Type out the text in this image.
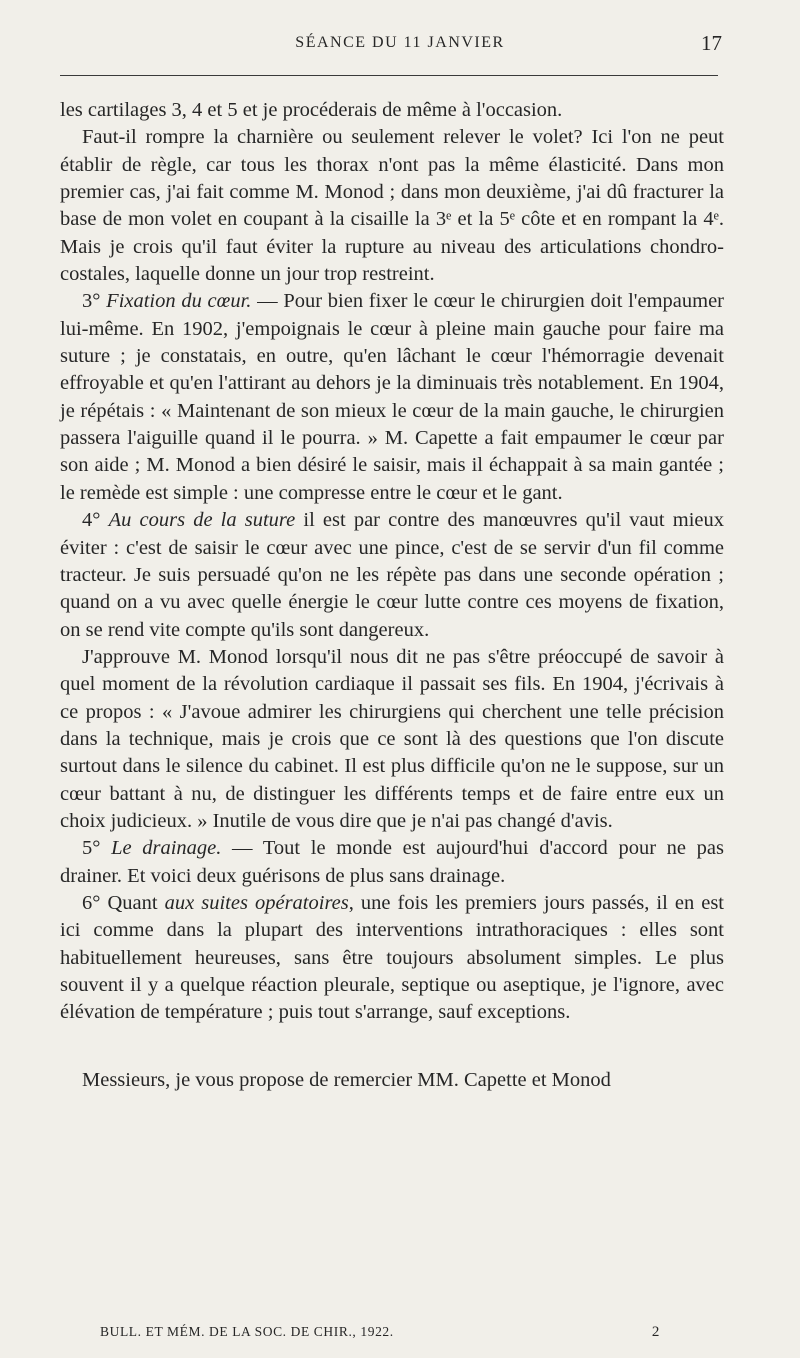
SÉANCE DU 11 JANVIER	17

les cartilages 3, 4 et 5 et je procéderais de même à l'occasion.

Faut-il rompre la charnière ou seulement relever le volet? Ici l'on ne peut établir de règle, car tous les thorax n'ont pas la même élasticité. Dans mon premier cas, j'ai fait comme M. Monod ; dans mon deuxième, j'ai dû fracturer la base de mon volet en coupant à la cisaille la 3ᵉ et la 5ᵉ côte et en rompant la 4ᵉ. Mais je crois qu'il faut éviter la rupture au niveau des articulations chondro-costales, laquelle donne un jour trop restreint.

3° Fixation du cœur. — Pour bien fixer le cœur le chirurgien doit l'empaumer lui-même. En 1902, j'empoignais le cœur à pleine main gauche pour faire ma suture ; je constatais, en outre, qu'en lâchant le cœur l'hémorragie devenait effroyable et qu'en l'attirant au dehors je la diminuais très notablement. En 1904, je répétais : « Maintenant de son mieux le cœur de la main gauche, le chirurgien passera l'aiguille quand il le pourra. » M. Capette a fait empaumer le cœur par son aide ; M. Monod a bien désiré le saisir, mais il échappait à sa main gantée ; le remède est simple : une compresse entre le cœur et le gant.

4° Au cours de la suture il est par contre des manœuvres qu'il vaut mieux éviter : c'est de saisir le cœur avec une pince, c'est de se servir d'un fil comme tracteur. Je suis persuadé qu'on ne les répète pas dans une seconde opération ; quand on a vu avec quelle énergie le cœur lutte contre ces moyens de fixation, on se rend vite compte qu'ils sont dangereux.

J'approuve M. Monod lorsqu'il nous dit ne pas s'être préoccupé de savoir à quel moment de la révolution cardiaque il passait ses fils. En 1904, j'écrivais à ce propos : « J'avoue admirer les chirurgiens qui cherchent une telle précision dans la technique, mais je crois que ce sont là des questions que l'on discute surtout dans le silence du cabinet. Il est plus difficile qu'on ne le suppose, sur un cœur battant à nu, de distinguer les différents temps et de faire entre eux un choix judicieux. » Inutile de vous dire que je n'ai pas changé d'avis.

5° Le drainage. — Tout le monde est aujourd'hui d'accord pour ne pas drainer. Et voici deux guérisons de plus sans drainage.

6° Quant aux suites opératoires, une fois les premiers jours passés, il en est ici comme dans la plupart des interventions intrathoraciques : elles sont habituellement heureuses, sans être toujours absolument simples. Le plus souvent il y a quelque réaction pleurale, septique ou aseptique, je l'ignore, avec élévation de température ; puis tout s'arrange, sauf exceptions.

Messieurs, je vous propose de remercier MM. Capette et Monod

BULL. ET MÉM. DE LA SOC. DE CHIR., 1922.	2
